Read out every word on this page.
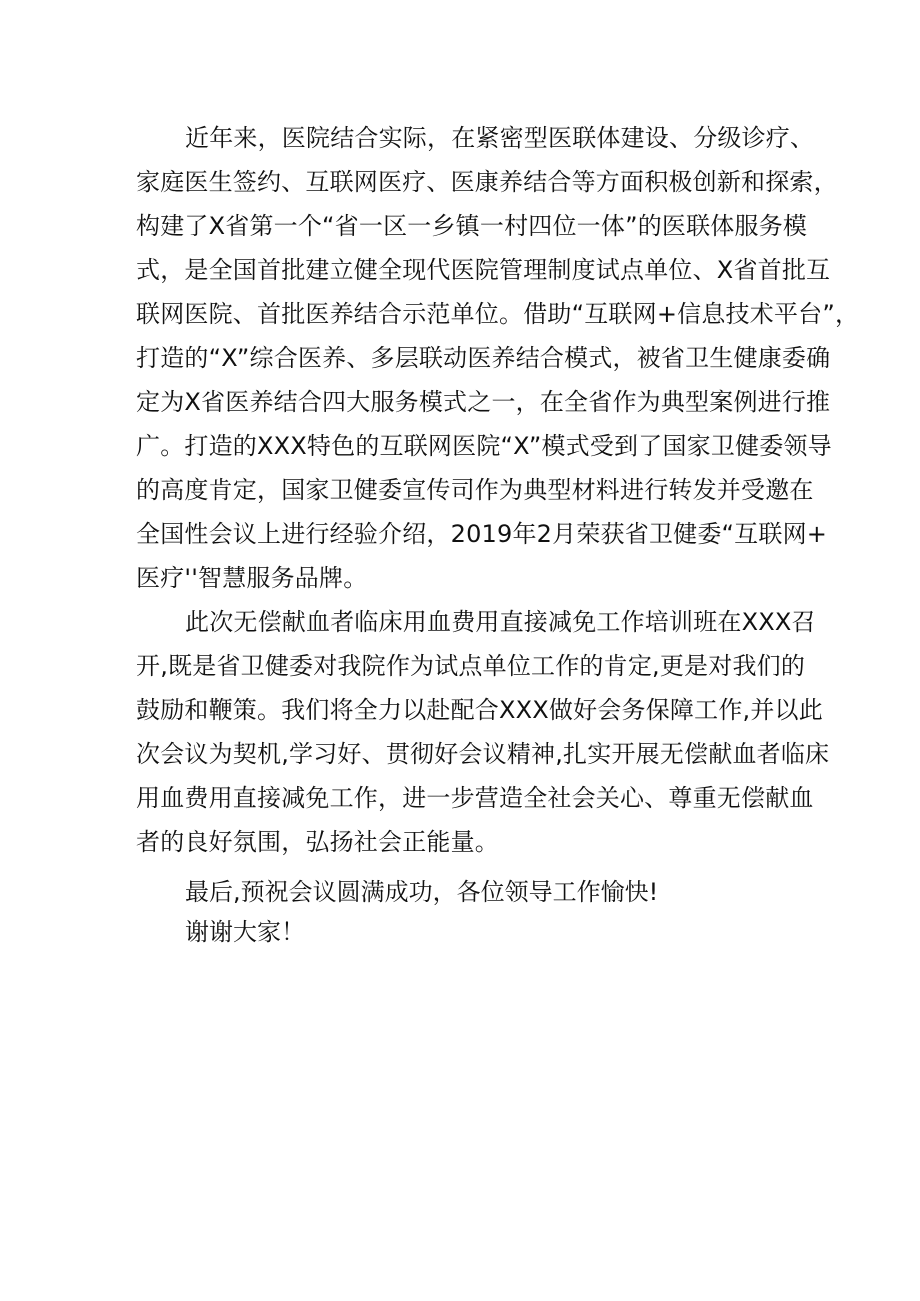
近年来，医院结合实际，在紧密型医联体建设、分级诊疗、
家庭医生签约、互联网医疗、医康养结合等方面积极创新和探索，
构建了X省第一个“省一区一乡镇一村四位一体”的医联体服务模
式，是全国首批建立健全现代医院管理制度试点单位、X省首批互
联网医院、首批医养结合示范单位。借助“互联网+信息技术平台”，
打造的“X”综合医养、多层联动医养结合模式，被省卫生健康委确
定为X省医养结合四大服务模式之一，在全省作为典型案例进行推
广。打造的XXX特色的互联网医院“X”模式受到了国家卫健委领导
的高度肯定，国家卫健委宣传司作为典型材料进行转发并受邀在
全国性会议上进行经验介绍，2019年2月荣获省卫健委“互联网+
医疗''智慧服务品牌。
此次无偿献血者临床用血费用直接减免工作培训班在XXX召
开,既是省卫健委对我院作为试点单位工作的肯定,更是对我们的
鼓励和鞭策。我们将全力以赴配合XXX做好会务保障工作,并以此
次会议为契机,学习好、贯彻好会议精神,扎实开展无偿献血者临床
用血费用直接减免工作，进一步营造全社会关心、尊重无偿献血
者的良好氛围，弘扬社会正能量。
最后,预祝会议圆满成功，各位领导工作愉快!
谢谢大家！
